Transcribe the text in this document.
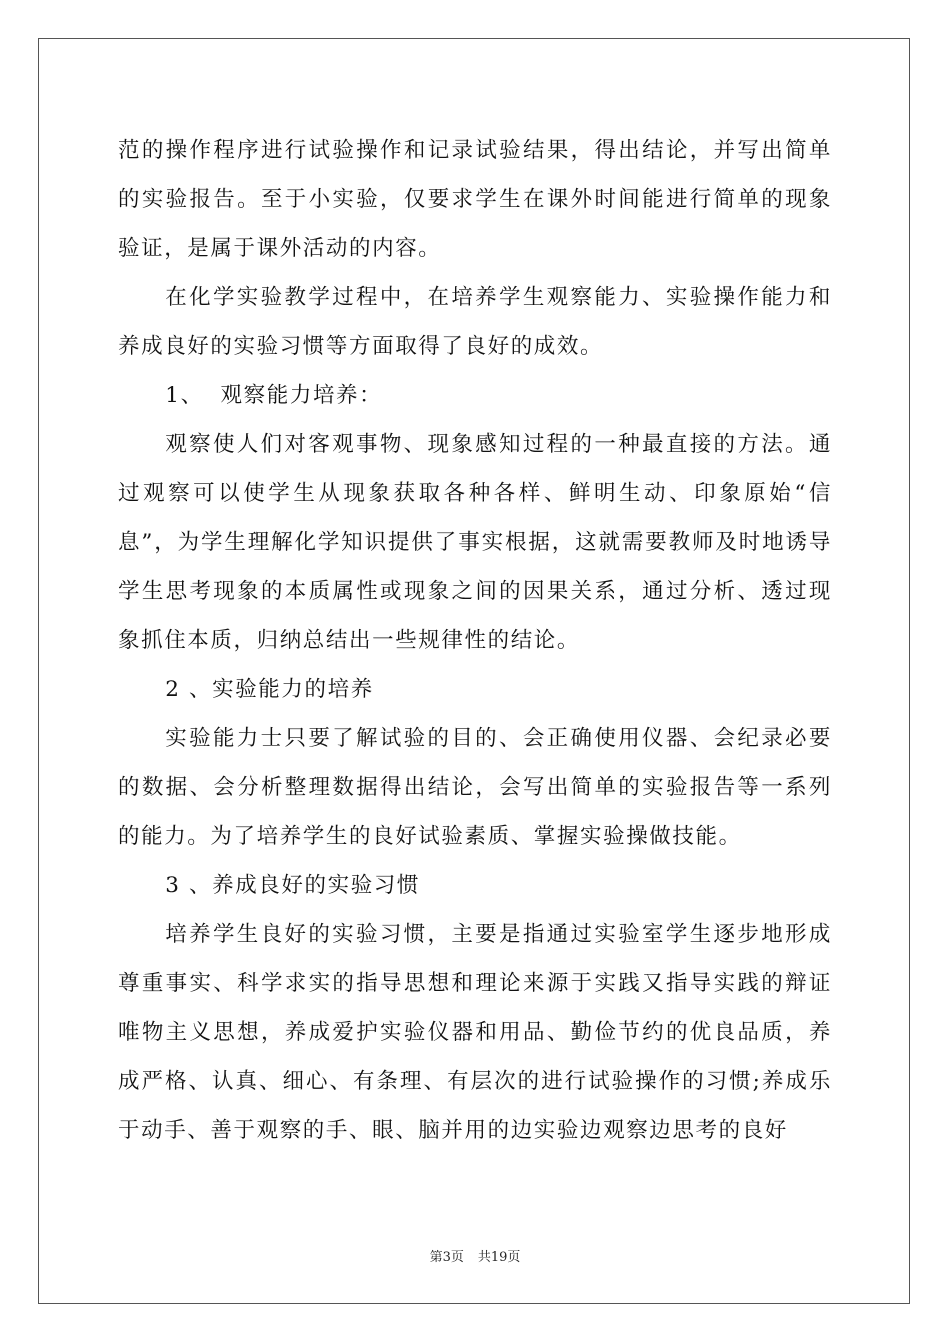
范的操作程序进行试验操作和记录试验结果，得出结论，并写出简单的实验报告。至于小实验，仅要求学生在课外时间能进行简单的现象验证，是属于课外活动的内容。

在化学实验教学过程中，在培养学生观察能力、实验操作能力和养成良好的实验习惯等方面取得了良好的成效。

1、  观察能力培养：

观察使人们对客观事物、现象感知过程的一种最直接的方法。通过观察可以使学生从现象获取各种各样、鲜明生动、印象原始“信息”，为学生理解化学知识提供了事实根据，这就需要教师及时地诱导学生思考现象的本质属性或现象之间的因果关系，通过分析、透过现象抓住本质，归纳总结出一些规律性的结论。

2 、实验能力的培养

实验能力士只要了解试验的目的、会正确使用仪器、会纪录必要的数据、会分析整理数据得出结论，会写出简单的实验报告等一系列的能力。为了培养学生的良好试验素质、掌握实验操做技能。

3 、养成良好的实验习惯

培养学生良好的实验习惯，主要是指通过实验室学生逐步地形成尊重事实、科学求实的指导思想和理论来源于实践又指导实践的辩证唯物主义思想，养成爱护实验仪器和用品、勤俭节约的优良品质，养成严格、认真、细心、有条理、有层次的进行试验操作的习惯;养成乐于动手、善于观察的手、眼、脑并用的边实验边观察边思考的良好

第3页 共19页
